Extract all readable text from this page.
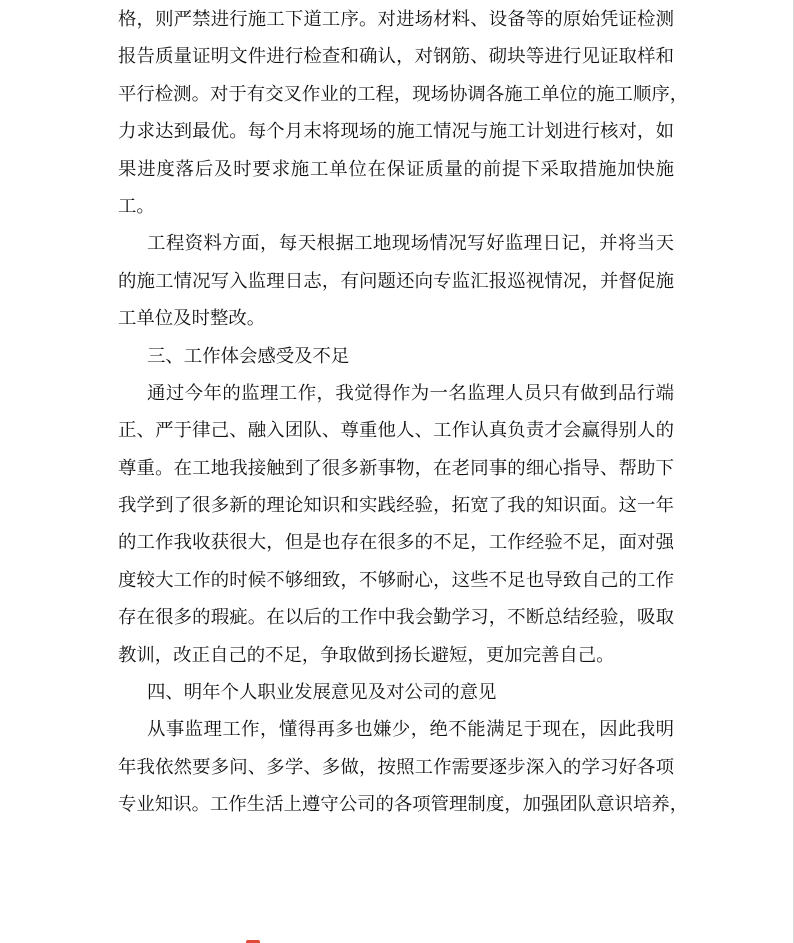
格，则严禁进行施工下道工序。对进场材料、设备等的原始凭证检测
报告质量证明文件进行检查和确认，对钢筋、砌块等进行见证取样和
平行检测。对于有交叉作业的工程，现场协调各施工单位的施工顺序，
力求达到最优。每个月末将现场的施工情况与施工计划进行核对，如
果进度落后及时要求施工单位在保证质量的前提下采取措施加快施
工。
工程资料方面，每天根据工地现场情况写好监理日记，并将当天
的施工情况写入监理日志，有问题还向专监汇报巡视情况，并督促施
工单位及时整改。
三、工作体会感受及不足
通过今年的监理工作，我觉得作为一名监理人员只有做到品行端
正、严于律己、融入团队、尊重他人、工作认真负责才会赢得别人的
尊重。在工地我接触到了很多新事物，在老同事的细心指导、帮助下
我学到了很多新的理论知识和实践经验，拓宽了我的知识面。这一年
的工作我收获很大，但是也存在很多的不足，工作经验不足，面对强
度较大工作的时候不够细致，不够耐心，这些不足也导致自己的工作
存在很多的瑕疵。在以后的工作中我会勤学习，不断总结经验，吸取
教训，改正自己的不足，争取做到扬长避短，更加完善自己。
四、明年个人职业发展意见及对公司的意见
从事监理工作，懂得再多也嫌少，绝不能满足于现在，因此我明
年我依然要多问、多学、多做，按照工作需要逐步深入的学习好各项
专业知识。工作生活上遵守公司的各项管理制度，加强团队意识培养，
